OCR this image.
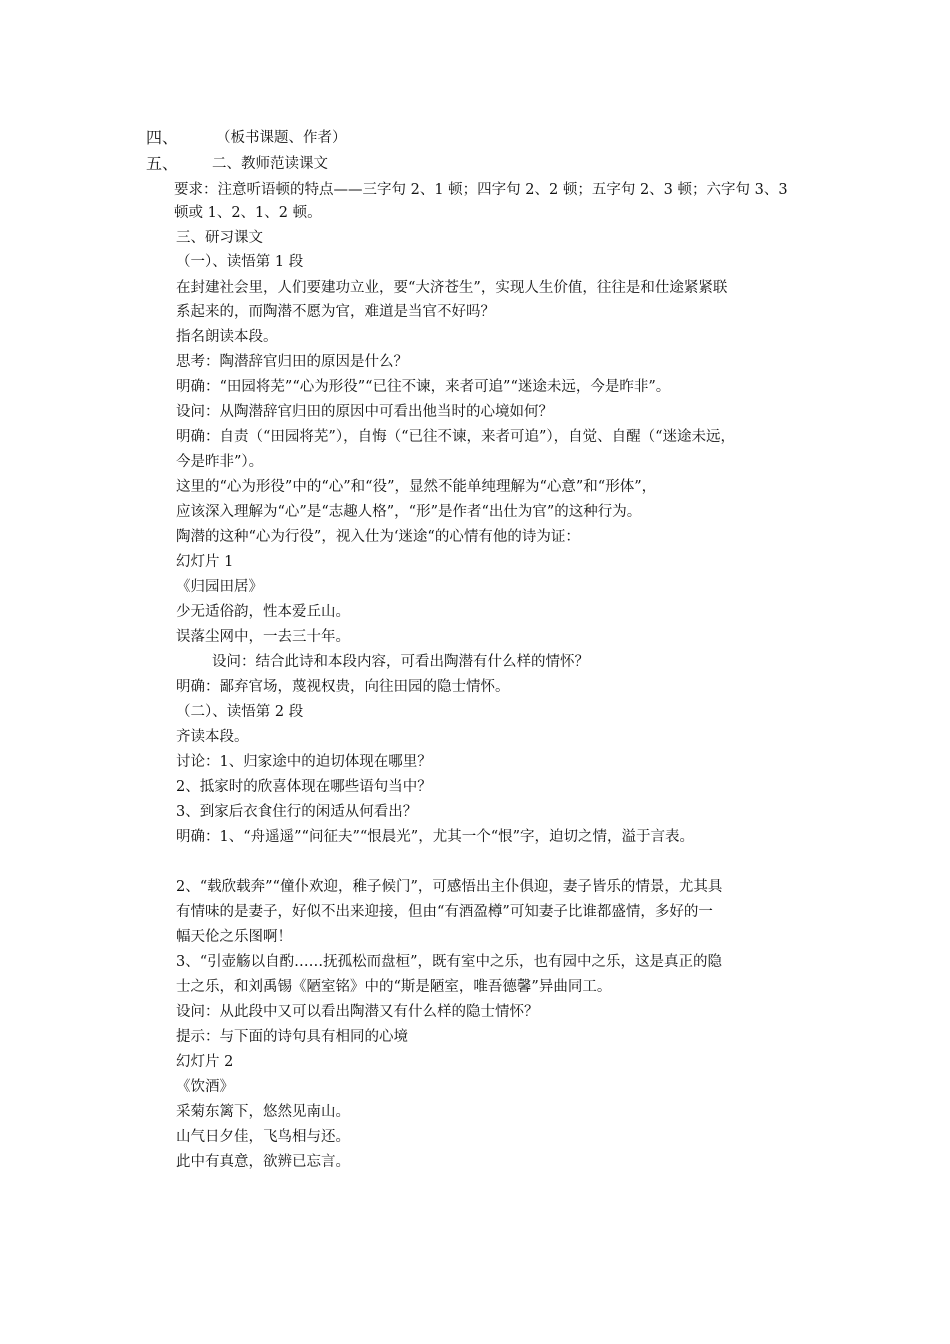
四、	（板书课题、作者）
五、 二、教师范读课文
要求：注意听语顿的特点——三字句 2、1 顿；四字句 2、2 顿；五字句 2、3 顿；六字句 3、3
顿或 1、2、1、2 顿。
三、研习课文
（一）、读悟第 1 段
在封建社会里，人们要建功立业，要“大济苍生”，实现人生价值，往往是和仕途紧紧联
系起来的，而陶潜不愿为官，难道是当官不好吗？
指名朗读本段。
思考：陶潜辞官归田的原因是什么？
明确：“田园将芜”“心为形役”“已往不谏，来者可追”“迷途未远，今是昨非”。
设问：从陶潜辞官归田的原因中可看出他当时的心境如何？
明确：自责（“田园将芜”），自悔（“已往不谏，来者可追”），自觉、自醒（“迷途未远，
今是昨非”）。
这里的“心为形役”中的“心”和“役”，显然不能单纯理解为“心意”和“形体”，
应该深入理解为“心”是“志趣人格”，“形”是作者“出仕为官”的这种行为。
陶潜的这种“心为行役”，视入仕为‘迷途“的心情有他的诗为证：
幻灯片 1
《归园田居》
少无适俗韵，性本爱丘山。
误落尘网中，一去三十年。
设问：结合此诗和本段内容，可看出陶潜有什么样的情怀？
明确：鄙弃官场，蔑视权贵，向往田园的隐士情怀。
（二）、读悟第 2 段
齐读本段。
讨论：1、归家途中的迫切体现在哪里？
2、抵家时的欣喜体现在哪些语句当中？
3、到家后衣食住行的闲适从何看出？
明确：1、“舟遥遥”“问征夫”“恨晨光”，尤其一个“恨”字，迫切之情，溢于言表。
2、“载欣载奔”“僮仆欢迎，稚子候门”，可感悟出主仆俱迎，妻子皆乐的情景，尤其具
有情味的是妻子，好似不出来迎接，但由“有酒盈樽”可知妻子比谁都盛情，多好的一
幅天伦之乐图啊！
3、“引壶觞以自酌……抚孤松而盘桓”，既有室中之乐，也有园中之乐，这是真正的隐
士之乐，和刘禹锡《陋室铭》中的“斯是陋室，唯吾德馨”异曲同工。
设问：从此段中又可以看出陶潜又有什么样的隐士情怀？
提示：与下面的诗句具有相同的心境
幻灯片 2
《饮酒》
采菊东篱下，悠然见南山。
山气日夕佳，飞鸟相与还。
此中有真意，欲辨已忘言。
